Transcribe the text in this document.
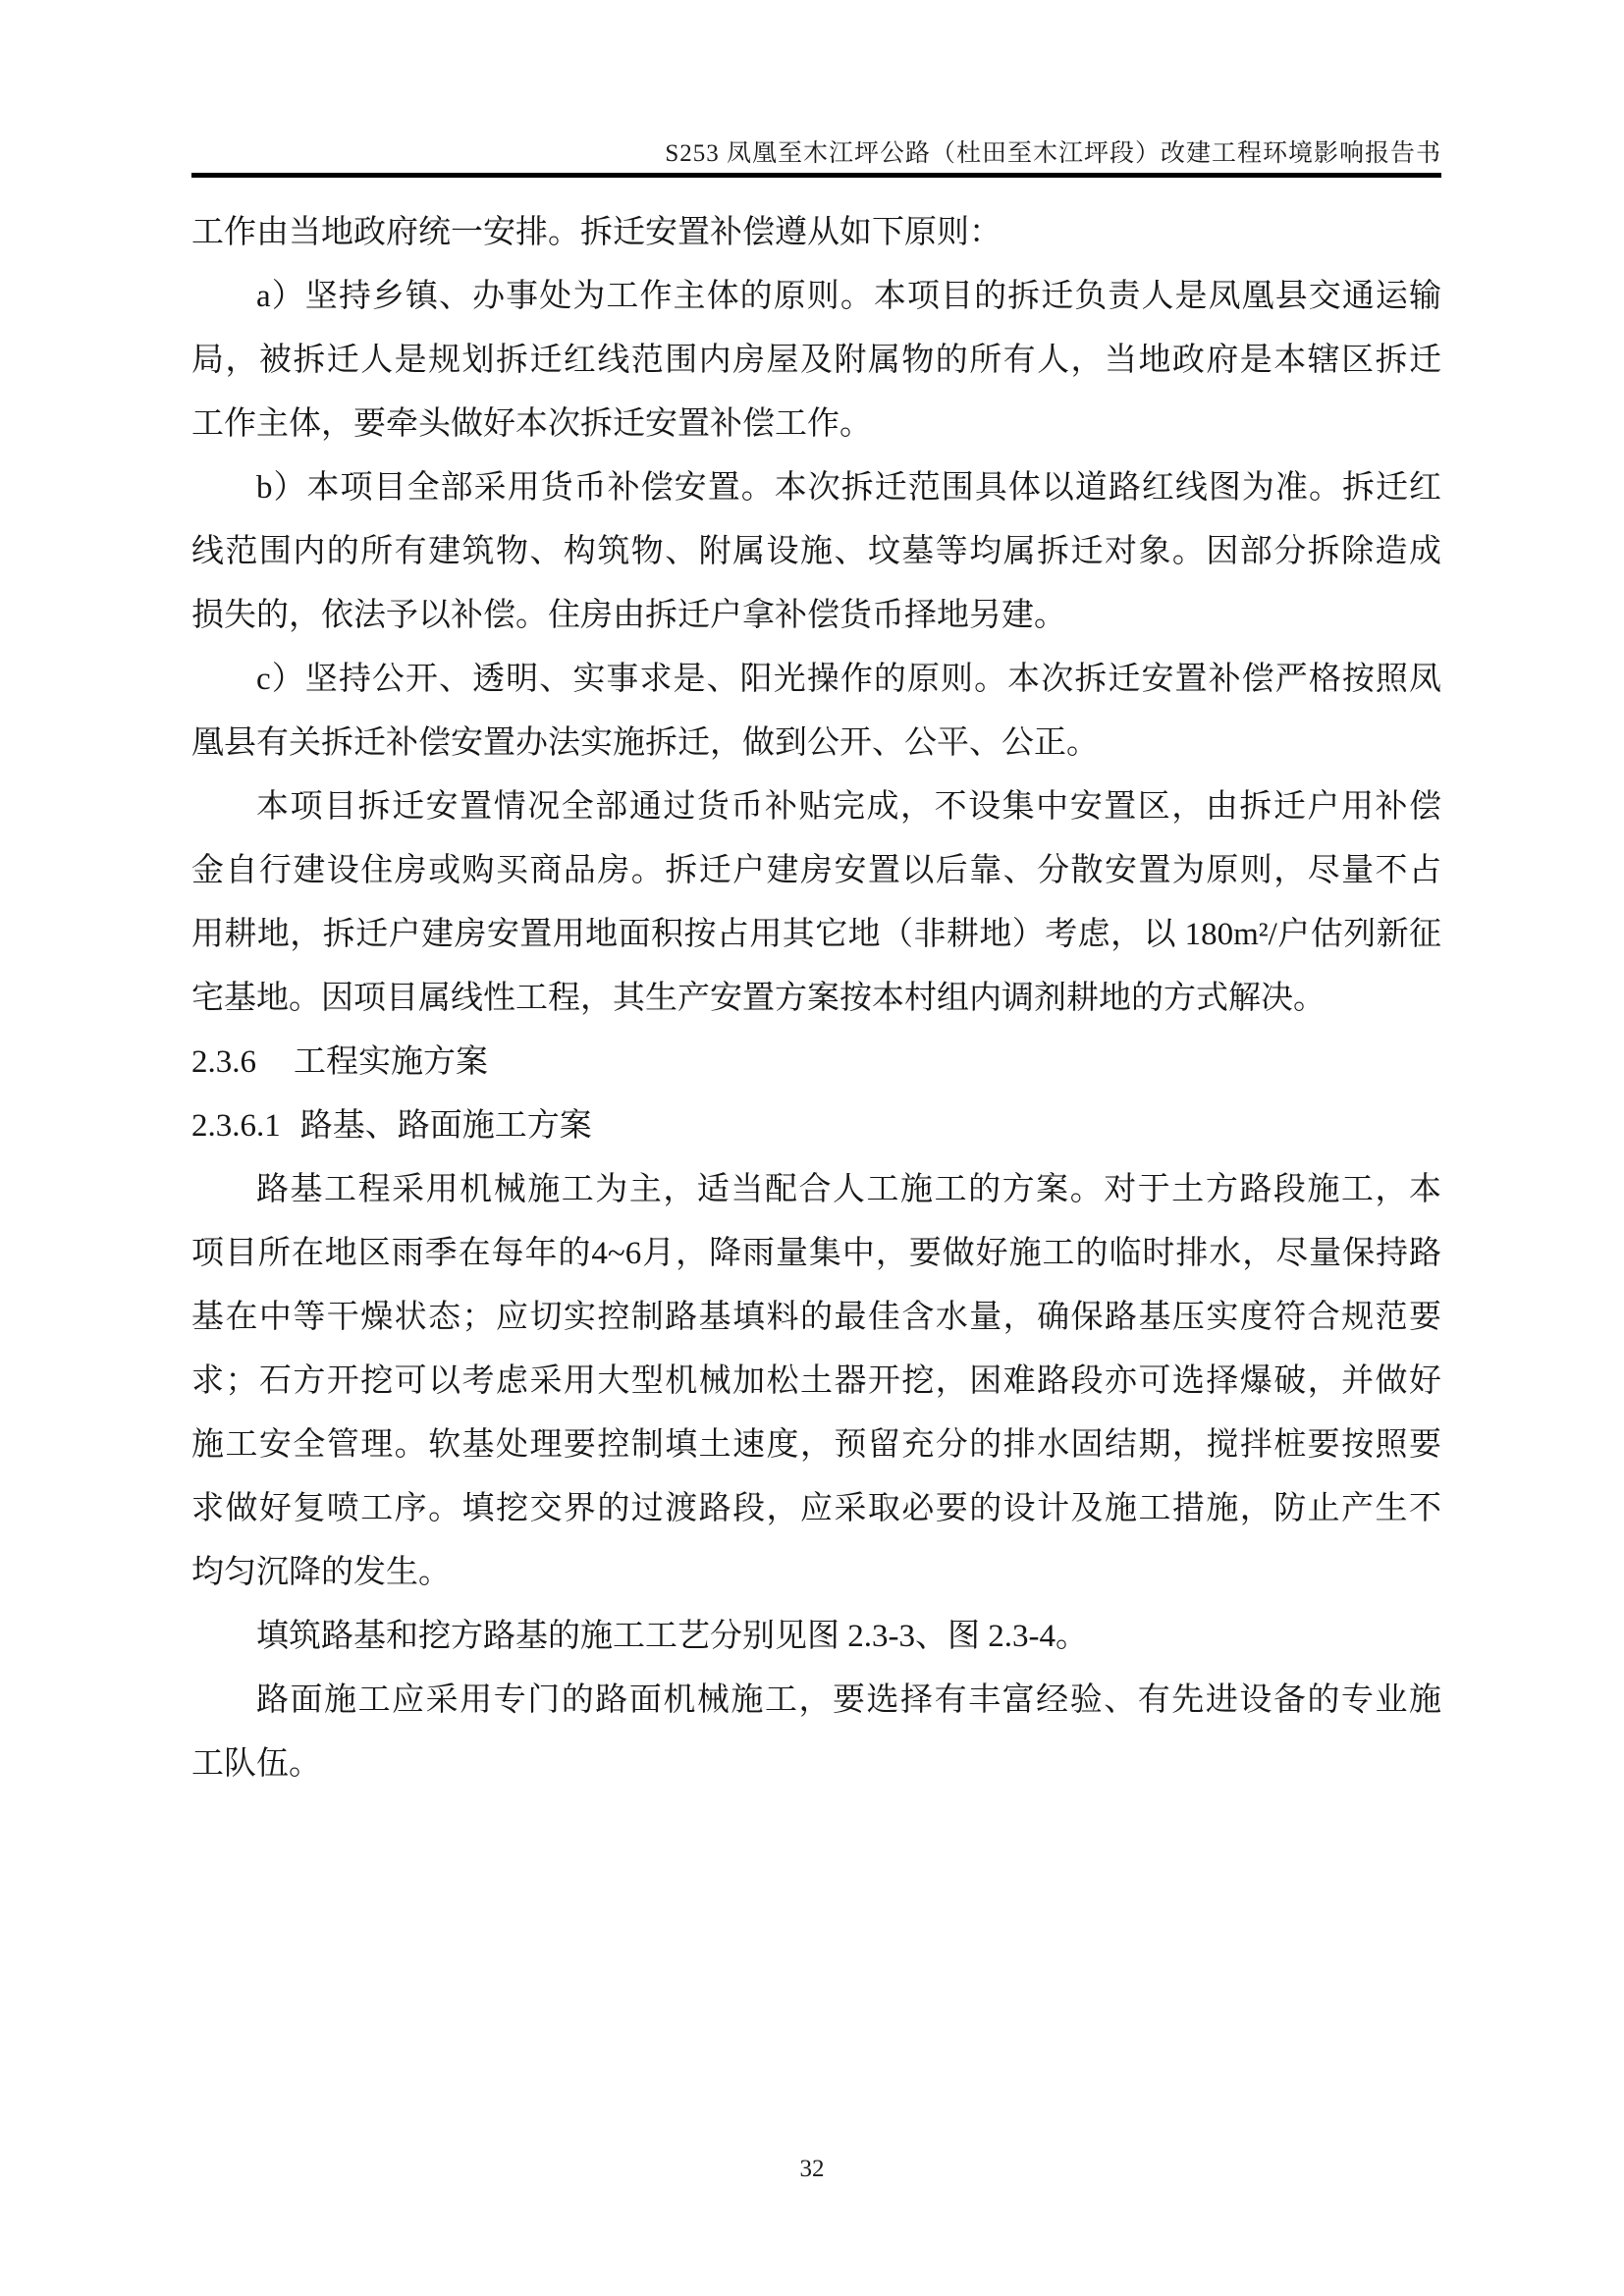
S253 凤凰至木江坪公路（杜田至木江坪段）改建工程环境影响报告书
工作由当地政府统一安排。拆迁安置补偿遵从如下原则：
a）坚持乡镇、办事处为工作主体的原则。本项目的拆迁负责人是凤凰县交通运输
局，被拆迁人是规划拆迁红线范围内房屋及附属物的所有人，当地政府是本辖区拆迁
工作主体，要牵头做好本次拆迁安置补偿工作。
b）本项目全部采用货币补偿安置。本次拆迁范围具体以道路红线图为准。拆迁红
线范围内的所有建筑物、构筑物、附属设施、坟墓等均属拆迁对象。因部分拆除造成
损失的，依法予以补偿。住房由拆迁户拿补偿货币择地另建。
c）坚持公开、透明、实事求是、阳光操作的原则。本次拆迁安置补偿严格按照凤
凰县有关拆迁补偿安置办法实施拆迁，做到公开、公平、公正。
本项目拆迁安置情况全部通过货币补贴完成，不设集中安置区，由拆迁户用补偿
金自行建设住房或购买商品房。拆迁户建房安置以后靠、分散安置为原则，尽量不占
用耕地，拆迁户建房安置用地面积按占用其它地（非耕地）考虑，以 180m²/户估列新征
宅基地。因项目属线性工程，其生产安置方案按本村组内调剂耕地的方式解决。
2.3.6 工程实施方案
2.3.6.1 路基、路面施工方案
路基工程采用机械施工为主，适当配合人工施工的方案。对于土方路段施工，本
项目所在地区雨季在每年的4~6月，降雨量集中，要做好施工的临时排水，尽量保持路
基在中等干燥状态；应切实控制路基填料的最佳含水量，确保路基压实度符合规范要
求；石方开挖可以考虑采用大型机械加松土器开挖，困难路段亦可选择爆破，并做好
施工安全管理。软基处理要控制填土速度，预留充分的排水固结期，搅拌桩要按照要
求做好复喷工序。填挖交界的过渡路段，应采取必要的设计及施工措施，防止产生不
均匀沉降的发生。
填筑路基和挖方路基的施工工艺分别见图 2.3-3、图 2.3-4。
路面施工应采用专门的路面机械施工，要选择有丰富经验、有先进设备的专业施
工队伍。
32
